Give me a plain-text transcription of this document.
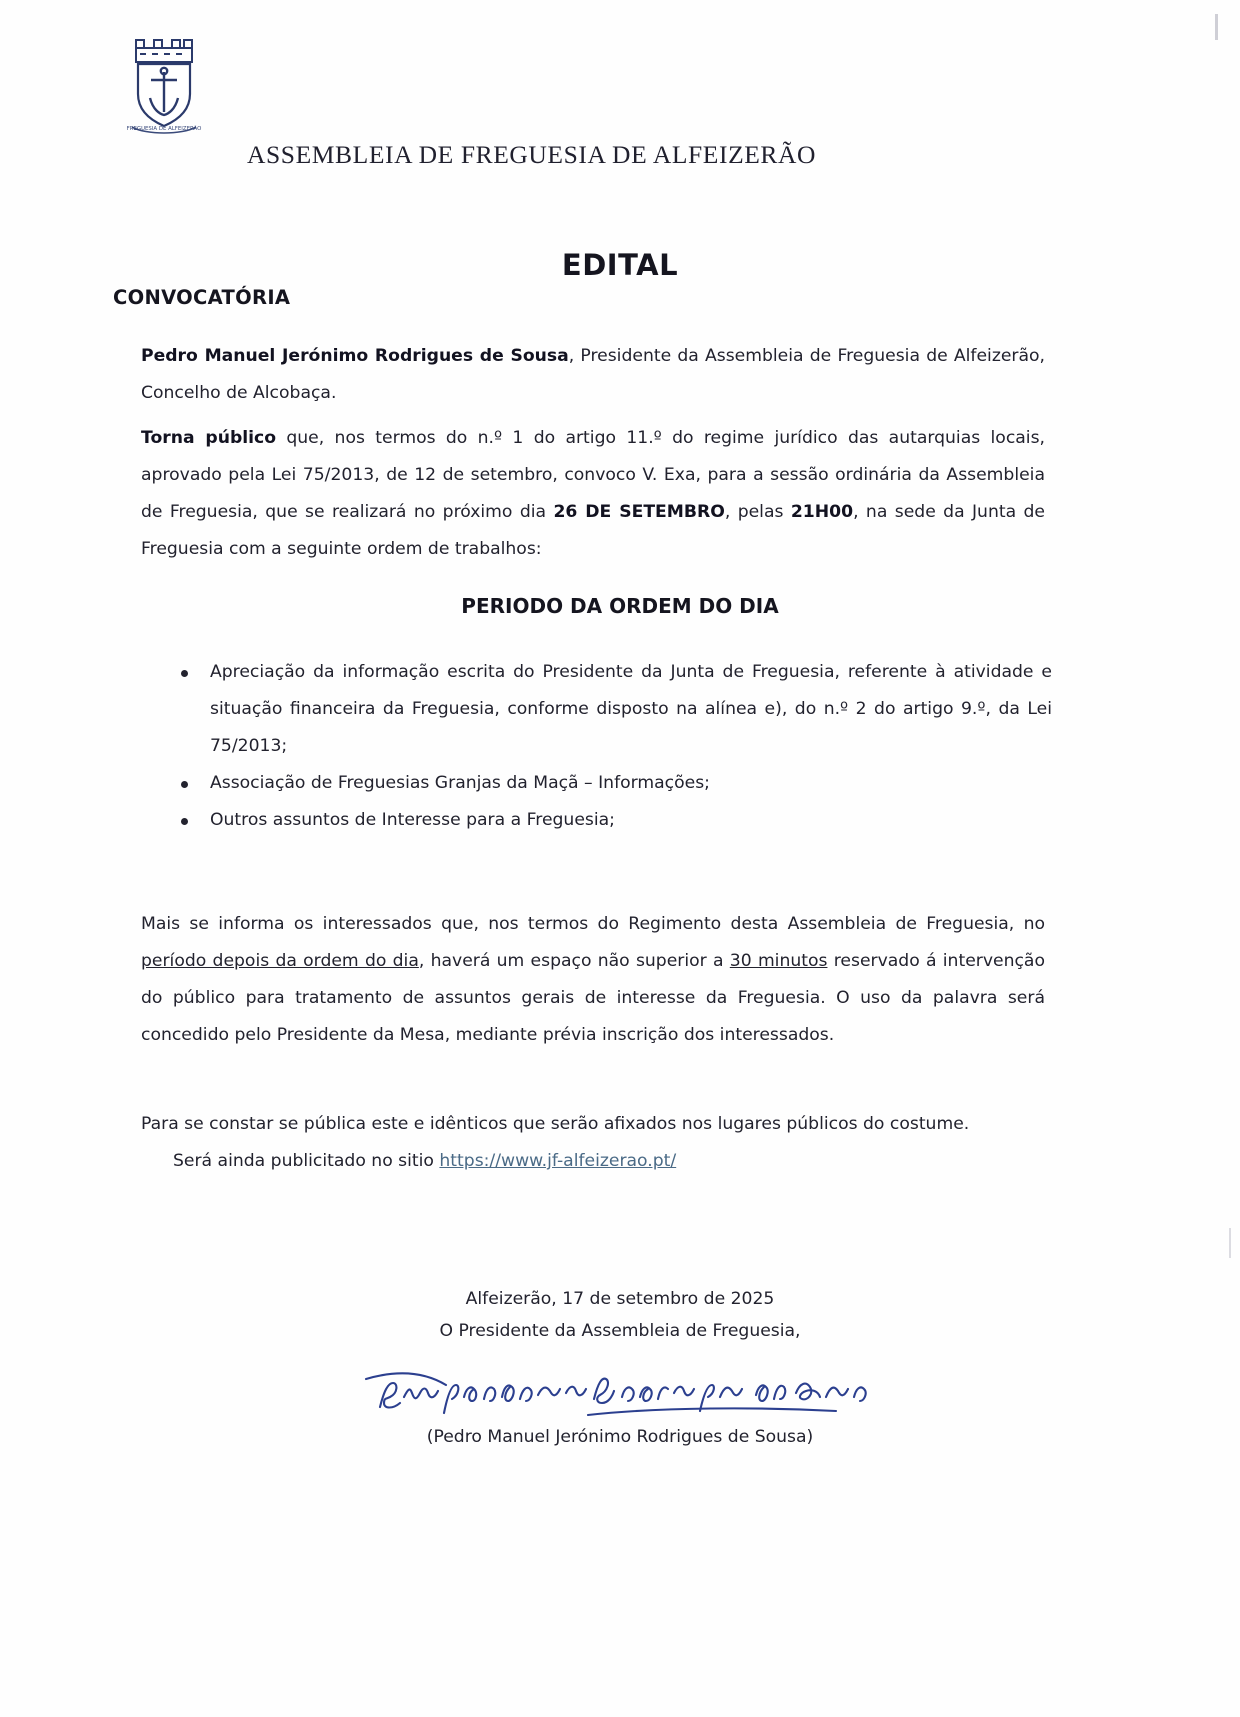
FREGUESIA DE ALFEIZERÃO
ASSEMBLEIA DE FREGUESIA DE ALFEIZERÃO
EDITAL
CONVOCATÓRIA
Pedro Manuel Jerónimo Rodrigues de Sousa, Presidente da Assembleia de Freguesia de Alfeizerão, Concelho de Alcobaça.
Torna público que, nos termos do n.º 1 do artigo 11.º do regime jurídico das autarquias locais, aprovado pela Lei 75/2013, de 12 de setembro, convoco V. Exa, para a sessão ordinária da Assembleia de Freguesia, que se realizará no próximo dia 26 DE SETEMBRO, pelas 21H00, na sede da Junta de Freguesia com a seguinte ordem de trabalhos:
PERIODO DA ORDEM DO DIA
Apreciação da informação escrita do Presidente da Junta de Freguesia, referente à atividade e situação financeira da Freguesia, conforme disposto na alínea e), do n.º 2 do artigo 9.º, da Lei 75/2013;
Associação de Freguesias Granjas da Maçã – Informações;
Outros assuntos de Interesse para a Freguesia;
Mais se informa os interessados que, nos termos do Regimento desta Assembleia de Freguesia, no período depois da ordem do dia, haverá um espaço não superior a 30 minutos reservado á intervenção do público para tratamento de assuntos gerais de interesse da Freguesia. O uso da palavra será concedido pelo Presidente da Mesa, mediante prévia inscrição dos interessados.
Para se constar se pública este e idênticos que serão afixados nos lugares públicos do costume.
Será ainda publicitado no sitio https://www.jf-alfeizerao.pt/
Alfeizerão, 17 de setembro de 2025
O Presidente da Assembleia de Freguesia,
(Pedro Manuel Jerónimo Rodrigues de Sousa)
